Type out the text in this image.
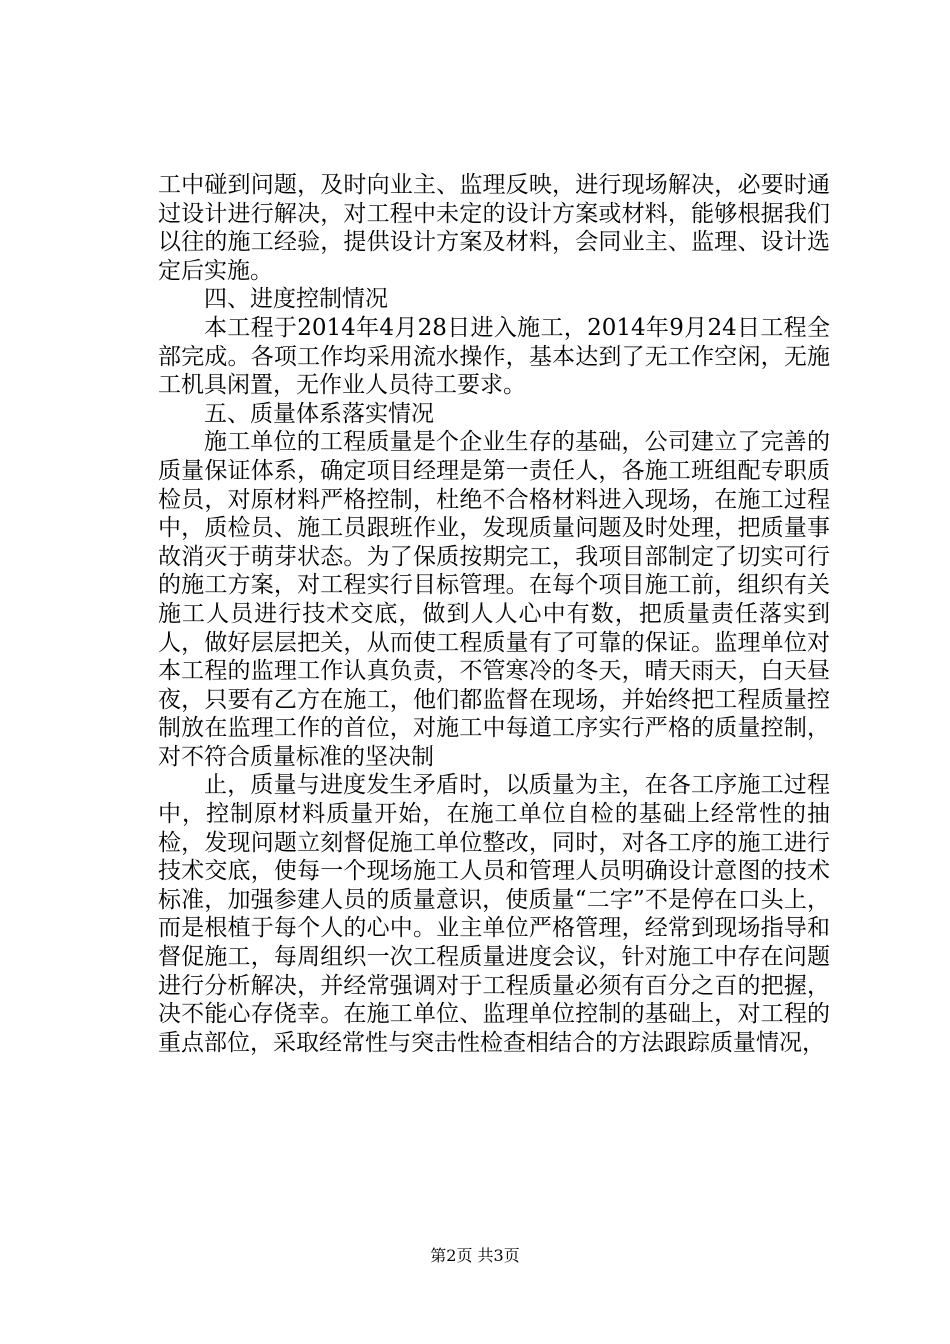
工中碰到问题，及时向业主、监理反映，进行现场解决，必要时通过设计进行解决，对工程中未定的设计方案或材料，能够根据我们以往的施工经验，提供设计方案及材料，会同业主、监理、设计选定后实施。

四、进度控制情况

本工程于2014年4月28日进入施工，2014年9月24日工程全部完成。各项工作均采用流水操作，基本达到了无工作空闲，无施工机具闲置，无作业人员待工要求。

五、质量体系落实情况

施工单位的工程质量是个企业生存的基础，公司建立了完善的质量保证体系，确定项目经理是第一责任人，各施工班组配专职质检员，对原材料严格控制，杜绝不合格材料进入现场，在施工过程中，质检员、施工员跟班作业，发现质量问题及时处理，把质量事故消灭于萌芽状态。为了保质按期完工，我项目部制定了切实可行的施工方案，对工程实行目标管理。在每个项目施工前，组织有关施工人员进行技术交底，做到人人心中有数，把质量责任落实到人，做好层层把关，从而使工程质量有了可靠的保证。监理单位对本工程的监理工作认真负责，不管寒冷的冬天，晴天雨天，白天昼夜，只要有乙方在施工，他们都监督在现场，并始终把工程质量控制放在监理工作的首位，对施工中每道工序实行严格的质量控制，对不符合质量标准的坚决制

止，质量与进度发生矛盾时，以质量为主，在各工序施工过程中，控制原材料质量开始，在施工单位自检的基础上经常性的抽检，发现问题立刻督促施工单位整改，同时，对各工序的施工进行技术交底，使每一个现场施工人员和管理人员明确设计意图的技术标准，加强参建人员的质量意识，使质量“二字”不是停在口头上，而是根植于每个人的心中。业主单位严格管理，经常到现场指导和督促施工，每周组织一次工程质量进度会议，针对施工中存在问题进行分析解决，并经常强调对于工程质量必须有百分之百的把握，决不能心存侥幸。在施工单位、监理单位控制的基础上，对工程的重点部位，采取经常性与突击性检查相结合的方法跟踪质量情况，

第2页 共3页
